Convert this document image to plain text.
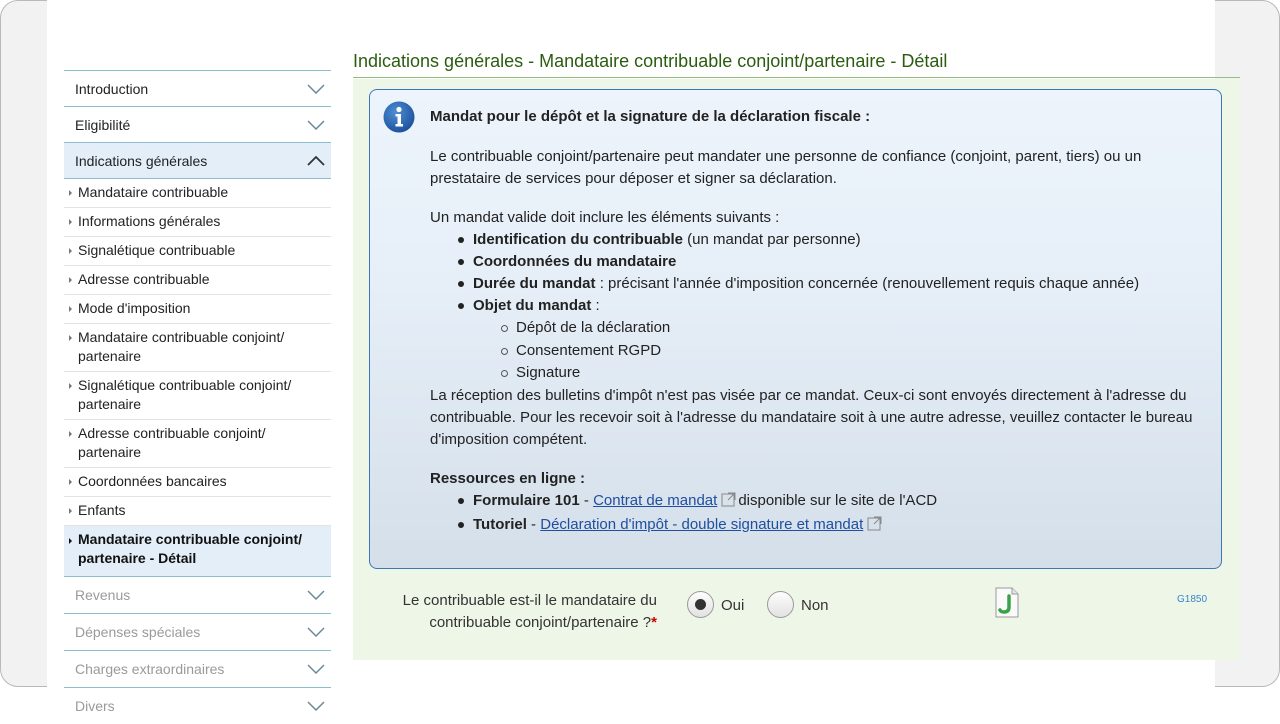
Introduction
Eligibilité
Indications générales
Mandataire contribuable
Informations générales
Signalétique contribuable
Adresse contribuable
Mode d'imposition
Mandataire contribuable conjoint/
partenaire
Signalétique contribuable conjoint/
partenaire
Adresse contribuable conjoint/
partenaire
Coordonnées bancaires
Enfants
Mandataire contribuable conjoint/
partenaire - Détail
Revenus
Dépenses spéciales
Charges extraordinaires
Divers
Indications générales - Mandataire contribuable conjoint/partenaire - Détail

Mandat pour le dépôt et la signature de la déclaration fiscale :

Le contribuable conjoint/partenaire peut mandater une personne de confiance (conjoint, parent, tiers) ou un prestataire de services pour déposer et signer sa déclaration.

Un mandat valide doit inclure les éléments suivants :

Identification du contribuable (un mandat par personne)
Coordonnées du mandataire
Durée du mandat : précisant l'année d'imposition concernée (renouvellement requis chaque année)
Objet du mandat :
Dépôt de la déclaration
Consentement RGPD
Signature

La réception des bulletins d'impôt n'est pas visée par ce mandat. Ceux-ci sont envoyés directement à l'adresse du contribuable. Pour les recevoir soit à l'adresse du mandataire soit à une autre adresse, veuillez contacter le bureau d'imposition compétent.

Ressources en ligne :

Formulaire 101 - Contrat de mandat disponible sur le site de l'ACD
Tutoriel - Déclaration d'impôt - double signature et mandat
Le contribuable est-il le mandataire du contribuable conjoint/partenaire ?*
Oui	Non	G1850
